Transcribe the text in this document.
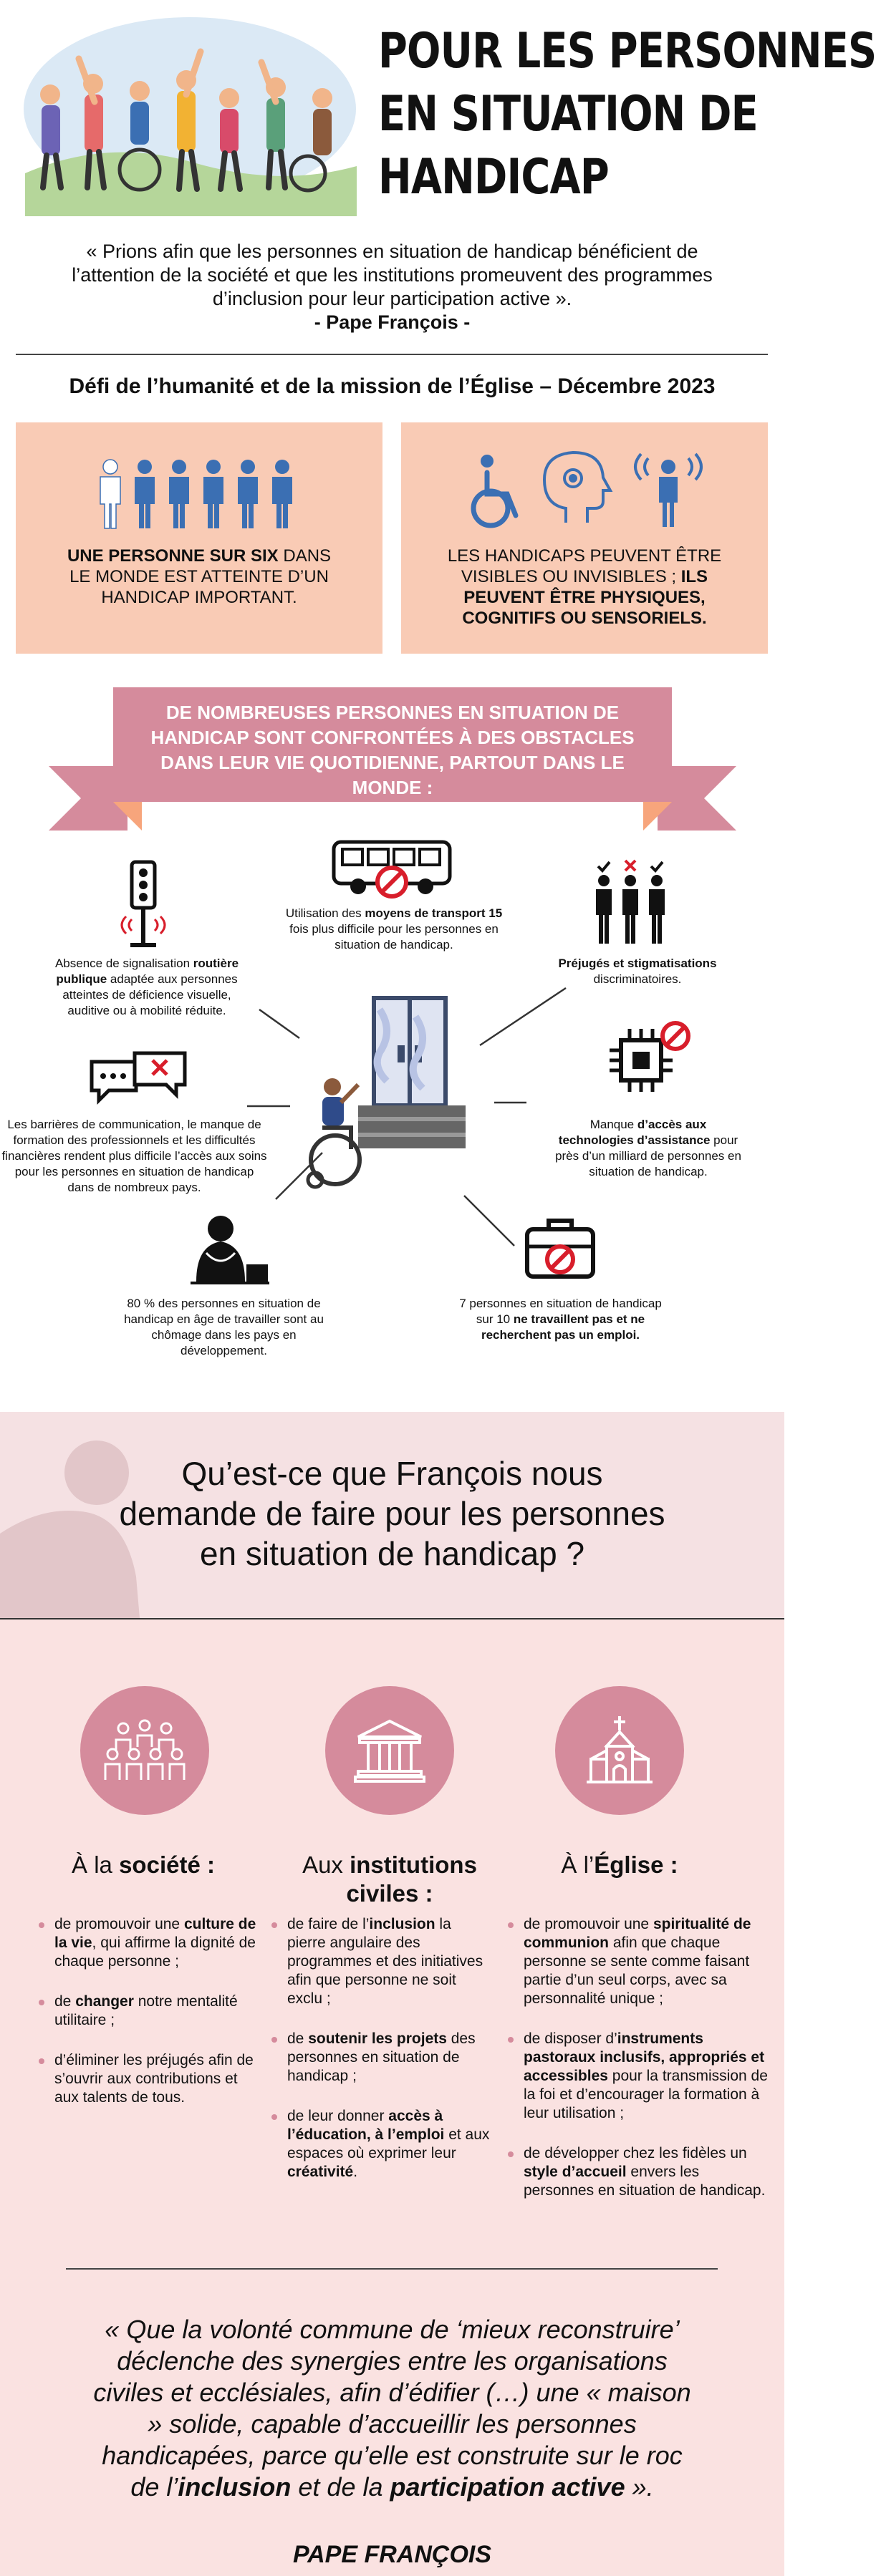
POUR LES PERSONNES
EN SITUATION DE
HANDICAP
« Prions afin que les personnes en situation de handicap bénéficient de l’attention de la société et que les institutions promeuvent des programmes d’inclusion pour leur participation active ».
- Pape François -
Défi de l’humanité et de la mission de l’Église – Décembre 2023
UNE PERSONNE SUR SIX DANS LE MONDE EST ATTEINTE D’UN HANDICAP IMPORTANT.
LES HANDICAPS PEUVENT ÊTRE VISIBLES OU INVISIBLES ; ILS PEUVENT ÊTRE PHYSIQUES, COGNITIFS OU SENSORIELS.
DE NOMBREUSES PERSONNES EN SITUATION DE HANDICAP SONT CONFRONTÉES À DES OBSTACLES DANS LEUR VIE QUOTIDIENNE, PARTOUT DANS LE MONDE :
Utilisation des moyens de transport 15 fois plus difficile pour les personnes en situation de handicap.
Absence de signalisation routière publique adaptée aux personnes atteintes de déficience visuelle, auditive ou à mobilité réduite.
Préjugés et stigmatisations discriminatoires.
Les barrières de communication, le manque de formation des professionnels et les difficultés financières rendent plus difficile l’accès aux soins pour les personnes en situation de handicap dans de nombreux pays.
Manque d’accès aux technologies d’assistance pour près d’un milliard de personnes en situation de handicap.
80 % des personnes en situation de handicap en âge de travailler sont au chômage dans les pays en développement.
7 personnes en situation de handicap sur 10 ne travaillent pas et ne recherchent pas un emploi.
Qu’est-ce que François nous
demande de faire pour les personnes
en situation de handicap ?
À la société :
de promouvoir une culture de la vie, qui affirme la dignité de chaque personne ;
de changer notre mentalité utilitaire ;
d’éliminer les préjugés afin de s’ouvrir aux contributions et aux talents de tous.
Aux institutions
civiles :
de faire de l’inclusion la pierre angulaire des programmes et des initiatives afin que personne ne soit exclu ;
de soutenir les projets des personnes en situation de handicap ;
de leur donner accès à l’éducation, à l’emploi et aux espaces où exprimer leur créativité.
À l’Église :
de promouvoir une spiritualité de communion afin que chaque personne se sente comme faisant partie d’un seul corps, avec sa personnalité unique ;
de disposer d’instruments pastoraux inclusifs, appropriés et accessibles pour la transmission de la foi et d’encourager la formation à leur utilisation ;
de développer chez les fidèles un style d’accueil envers les personnes en situation de handicap.
« Que la volonté commune de ‘mieux reconstruire’ déclenche des synergies entre les organisations civiles et ecclésiales, afin d’édifier (…) une « maison » solide, capable d’accueillir les personnes handicapées, parce qu’elle est construite sur le roc de l’inclusion et de la participation active ».
PAPE FRANÇOIS
